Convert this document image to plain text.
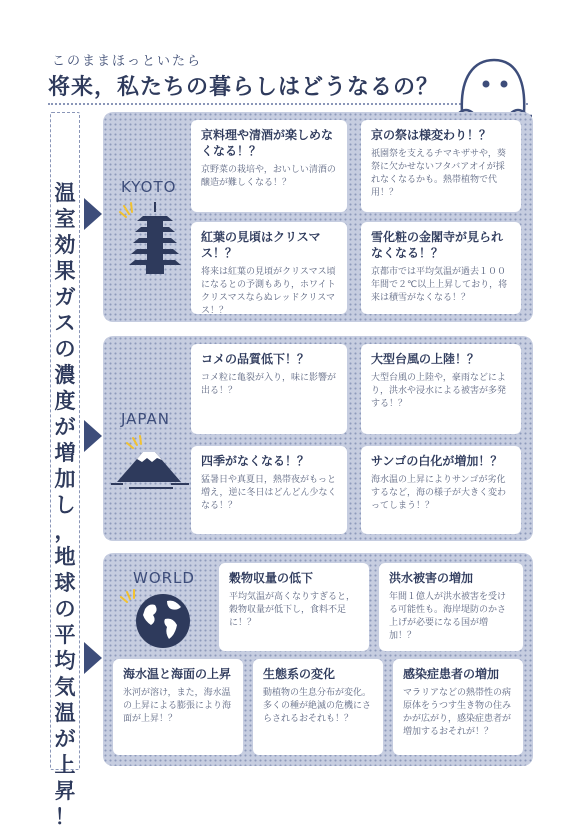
このままほっといたら
将来，私たちの暮らしはどうなるの？
温
室
効
果
ガ
ス
の
濃
度
が
増
加
し
，
地
球
の
平
均
気
温
が
上
昇
！
KYOTO
京料理や清酒が楽しめなくなる！？
京野菜の栽培や，おいしい清酒の醸造が難しくなる！？
京の祭は様変わり！？
祇園祭を支えるチマキザサや，葵祭に欠かせないフタバアオイが採れなくなるかも。熱帯植物で代用！？
紅葉の見頃はクリスマス！？
将来は紅葉の見頃がクリスマス頃になるとの予測もあり，ホワイトクリスマスならぬレッドクリスマス！？
雪化粧の金閣寺が見られなくなる！？
京都市では平均気温が過去１００年間で２℃以上上昇しており，将来は積雪がなくなる！？
JAPAN
コメの品質低下！？
コメ粒に亀裂が入り，味に影響が出る！？
大型台風の上陸！？
大型台風の上陸や，豪雨などにより，洪水や浸水による被害が多発する！？
四季がなくなる！？
猛暑日や真夏日，熱帯夜がもっと増え，逆に冬日はどんどん少なくなる！？
サンゴの白化が増加！？
海水温の上昇によりサンゴが劣化するなど，海の様子が大きく変わってしまう！？
WORLD	穀物収量の低下
平均気温が高くなりすぎると，穀物収量が低下し，食料不足に！？
洪水被害の増加
年間１億人が洪水被害を受ける可能性も。海岸堤防のかさ上げが必要になる国が増加！？
海水温と海面の上昇
氷河が溶け，また，海水温の上昇による膨張により海面が上昇！？
生態系の変化
動植物の生息分布が変化。多くの種が絶滅の危機にさらされるおそれも！？
感染症患者の増加
マラリアなどの熱帯性の病原体をうつす生き物の住みかが広がり，感染症患者が増加するおそれが！？
